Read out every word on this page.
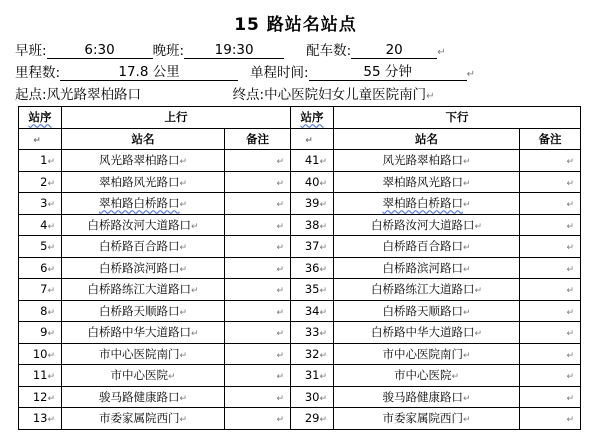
15 路站名站点
早班:	6:30	晚班: 19:30	配车数:	20	↵
里程数:	17.8 公里	单程时间:	55 分钟	↵
起点:风光路翠柏路口	终点:中心医院妇女儿童医院南门↵
站序	上行		站序	下行	
↵	站名	备注	↵	站名	备注
1↵	风光路翠柏路口↵	↵	41↵	风光路翠柏路口↵	↵
2↵	翠柏路风光路口↵	↵	40↵	翠柏路风光路口↵	↵
3↵	翠柏路白桥路口↵	↵	39↵	翠柏路白桥路口↵	↵
4↵	白桥路汝河大道路口↵	↵	38↵	白桥路汝河大道路口↵	↵
5↵	白桥路百合路口↵	↵	37↵	白桥路百合路口↵	↵
6↵	白桥路滨河路口↵	↵	36↵	白桥路滨河路口↵	↵
7↵	白桥路练江大道路口↵	↵	35↵	白桥路练江大道路口↵	↵
8↵	白桥路天顺路口↵	↵	34↵	白桥路天顺路口↵	↵
9↵	白桥路中华大道路口↵	↵	33↵	白桥路中华大道路口↵	↵
10↵	市中心医院南门↵	↵	32↵	市中心医院南门↵	↵
11↵	市中心医院↵	↵	31↵	市中心医院↵	↵
12↵	骏马路健康路口↵	↵	30↵	骏马路健康路口↵	↵
13↵	市委家属院西门↵	↵	29↵	市委家属院西门↵	↵
